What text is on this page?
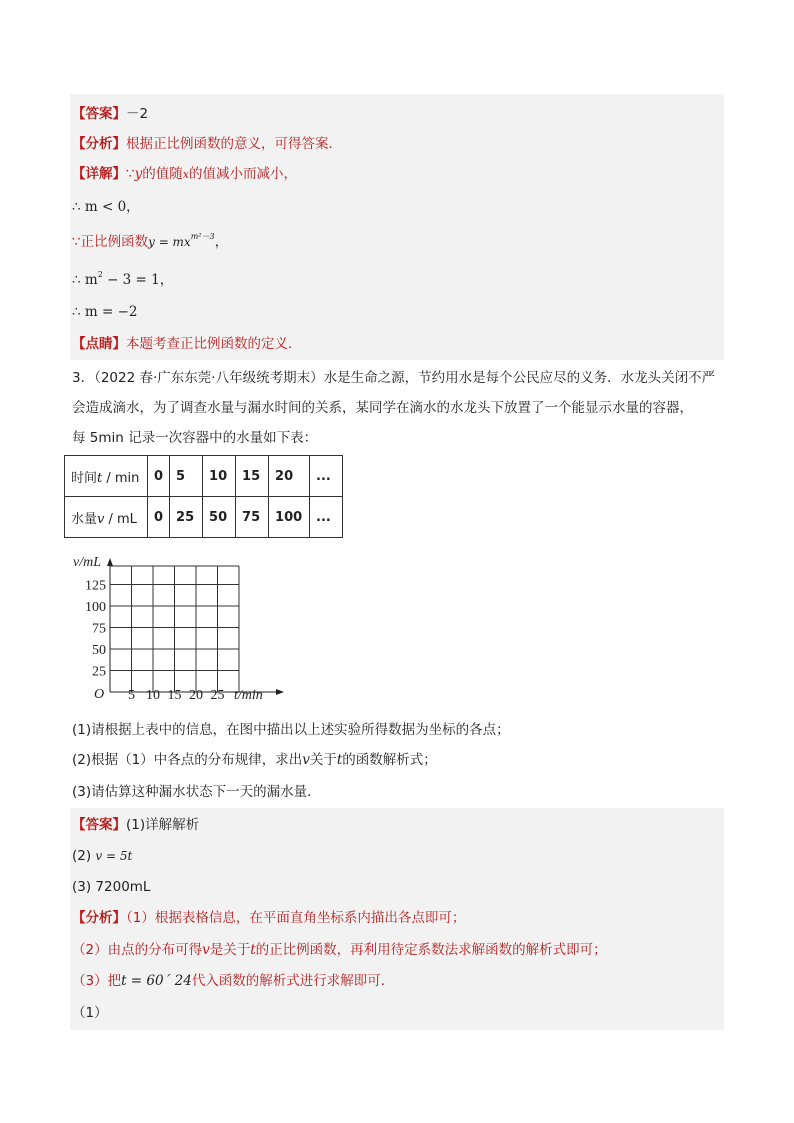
【答案】－2
【分析】根据正比例函数的意义，可得答案．
【详解】∵y的值随x的值减小而减小，
∴ m < 0，
∵正比例函数$y = mx^{m^2-3}$，
∴ $m^2 - 3 = 1$，
∴ m = −2
【点睛】本题考查正比例函数的定义．
3．（2022 春·广东东莞·八年级统考期末）水是生命之源，节约用水是每个公民应尽的义务．水龙头关闭不严
会造成滴水，为了调查水量与漏水时间的关系，某同学在滴水的水龙头下放置了一个能显示水量的容器，
每 5min 记录一次容器中的水量如下表：
时间t / min	0	5	10	15	20	...
水量v / mL	0	25	50	75	100	...
v/mL
t/min
O
25
50
75
100
125
5 10 15 20 25
(1)请根据上表中的信息，在图中描出以上述实验所得数据为坐标的各点；
(2)根据（1）中各点的分布规律，求出v关于t的函数解析式；
(3)请估算这种漏水状态下一天的漏水量．
【答案】(1)详解解析
(2) v = 5t
(3) 7200mL
【分析】（1）根据表格信息，在平面直角坐标系内描出各点即可；
（2）由点的分布可得v是关于t的正比例函数，再利用待定系数法求解函数的解析式即可；
（3）把t = 60´ 24代入函数的解析式进行求解即可．
（1）
